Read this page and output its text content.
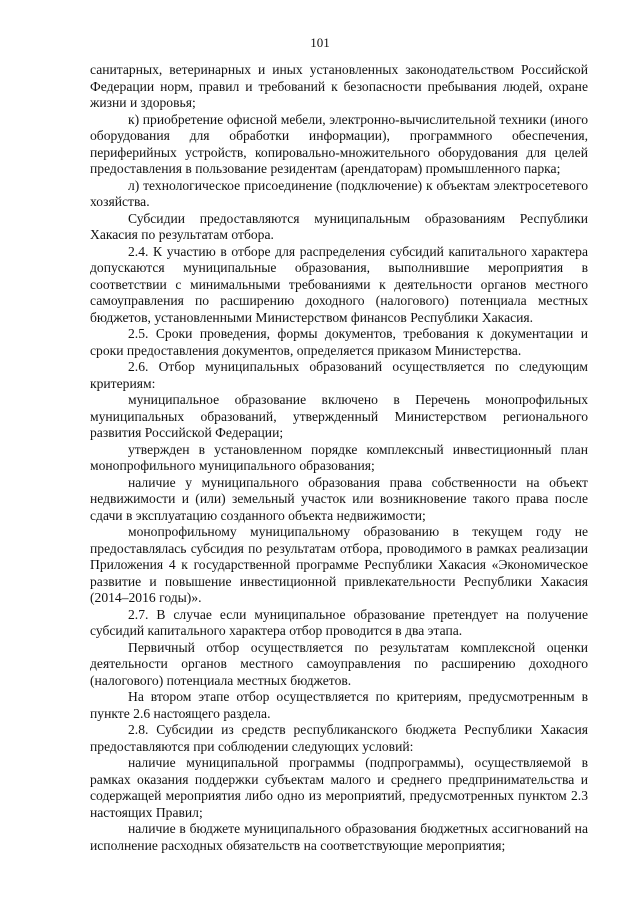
101

санитарных, ветеринарных и иных установленных законодательством Российской Федерации норм, правил и требований к безопасности пребывания людей, охране жизни и здоровья;

к) приобретение офисной мебели, электронно-вычислительной техники (иного оборудования для обработки информации), программного обеспечения, периферийных устройств, копировально-множительного оборудования для целей предоставления в пользование резидентам (арендаторам) промышленного парка;

л) технологическое присоединение (подключение) к объектам электросетевого хозяйства.

Субсидии предоставляются муниципальным образованиям Республики Хакасия по результатам отбора.

2.4. К участию в отборе для распределения субсидий капитального характера допускаются муниципальные образования, выполнившие мероприятия в соответствии с минимальными требованиями к деятельности органов местного самоуправления по расширению доходного (налогового) потенциала местных бюджетов, установленными Министерством финансов Республики Хакасия.

2.5. Сроки проведения, формы документов, требования к документации и сроки предоставления документов, определяется приказом Министерства.

2.6. Отбор муниципальных образований осуществляется по следующим критериям:

муниципальное образование включено в Перечень монопрофильных муниципальных образований, утвержденный Министерством регионального развития Российской Федерации;

утвержден в установленном порядке комплексный инвестиционный план монопрофильного муниципального образования;

наличие у муниципального образования права собственности на объект недвижимости и (или) земельный участок или возникновение такого права после сдачи в эксплуатацию созданного объекта недвижимости;

монопрофильному муниципальному образованию в текущем году не предоставлялась субсидия по результатам отбора, проводимого в рамках реализации Приложения 4 к государственной программе Республики Хакасия «Экономическое развитие и повышение инвестиционной привлекательности Республики Хакасия (2014–2016 годы)».

2.7. В случае если муниципальное образование претендует на получение субсидий капитального характера отбор проводится в два этапа.

Первичный отбор осуществляется по результатам комплексной оценки деятельности органов местного самоуправления по расширению доходного (налогового) потенциала местных бюджетов.

На втором этапе отбор осуществляется по критериям, предусмотренным в пункте 2.6 настоящего раздела.

2.8. Субсидии из средств республиканского бюджета Республики Хакасия предоставляются при соблюдении следующих условий:

наличие муниципальной программы (подпрограммы), осуществляемой в рамках оказания поддержки субъектам малого и среднего предпринимательства и содержащей мероприятия либо одно из мероприятий, предусмотренных пунктом 2.3 настоящих Правил;

наличие в бюджете муниципального образования бюджетных ассигнований на исполнение расходных обязательств на соответствующие мероприятия;
